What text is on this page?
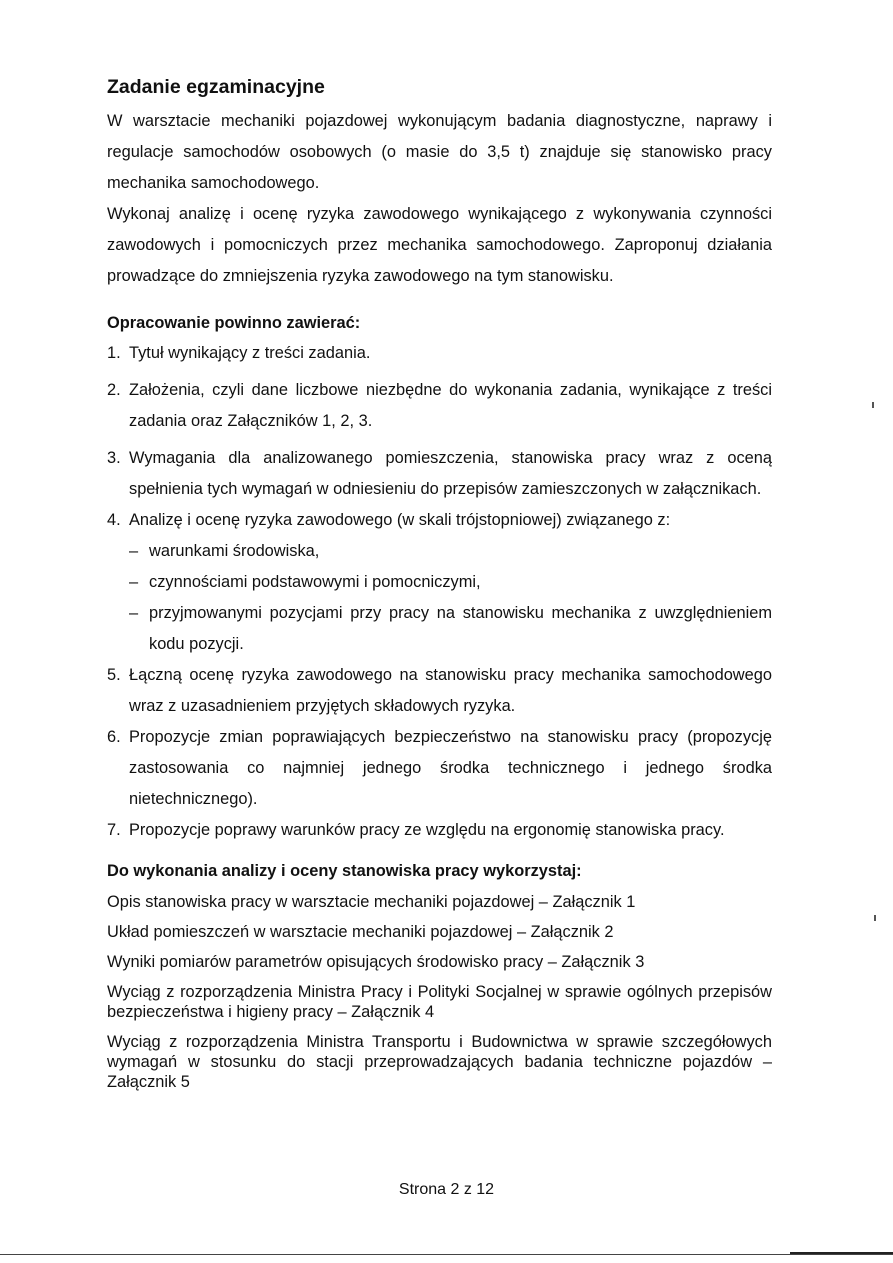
Zadanie egzaminacyjne

W warsztacie mechaniki pojazdowej wykonującym badania diagnostyczne, naprawy i regulacje samochodów osobowych (o masie do 3,5 t) znajduje się stanowisko pracy mechanika samochodowego.

Wykonaj analizę i ocenę ryzyka zawodowego wynikającego z wykonywania czynności zawodowych i pomocniczych przez mechanika samochodowego. Zaproponuj działania prowadzące do zmniejszenia ryzyka zawodowego na tym stanowisku.

Opracowanie powinno zawierać:
1. Tytuł wynikający z treści zadania.
2. Założenia, czyli dane liczbowe niezbędne do wykonania zadania, wynikające z treści zadania oraz Załączników 1, 2, 3.
3. Wymagania dla analizowanego pomieszczenia, stanowiska pracy wraz z oceną spełnienia tych wymagań w odniesieniu do przepisów zamieszczonych w załącznikach.
4. Analizę i ocenę ryzyka zawodowego (w skali trójstopniowej) związanego z:
– warunkami środowiska,
– czynnościami podstawowymi i pomocniczymi,
– przyjmowanymi pozycjami przy pracy na stanowisku mechanika z uwzględnieniem kodu pozycji.
5. Łączną ocenę ryzyka zawodowego na stanowisku pracy mechanika samochodowego wraz z uzasadnieniem przyjętych składowych ryzyka.
6. Propozycje zmian poprawiających bezpieczeństwo na stanowisku pracy (propozycję zastosowania co najmniej jednego środka technicznego i jednego środka nietechnicznego).
7. Propozycje poprawy warunków pracy ze względu na ergonomię stanowiska pracy.
Do wykonania analizy i oceny stanowiska pracy wykorzystaj:

Opis stanowiska pracy w warsztacie mechaniki pojazdowej – Załącznik 1

Układ pomieszczeń w warsztacie mechaniki pojazdowej – Załącznik 2

Wyniki pomiarów parametrów opisujących środowisko pracy – Załącznik 3

Wyciąg z rozporządzenia Ministra Pracy i Polityki Socjalnej w sprawie ogólnych przepisów bezpieczeństwa i higieny pracy – Załącznik 4

Wyciąg z rozporządzenia Ministra Transportu i Budownictwa w sprawie szczegółowych wymagań w stosunku do stacji przeprowadzających badania techniczne pojazdów – Załącznik 5

Strona 2 z 12
